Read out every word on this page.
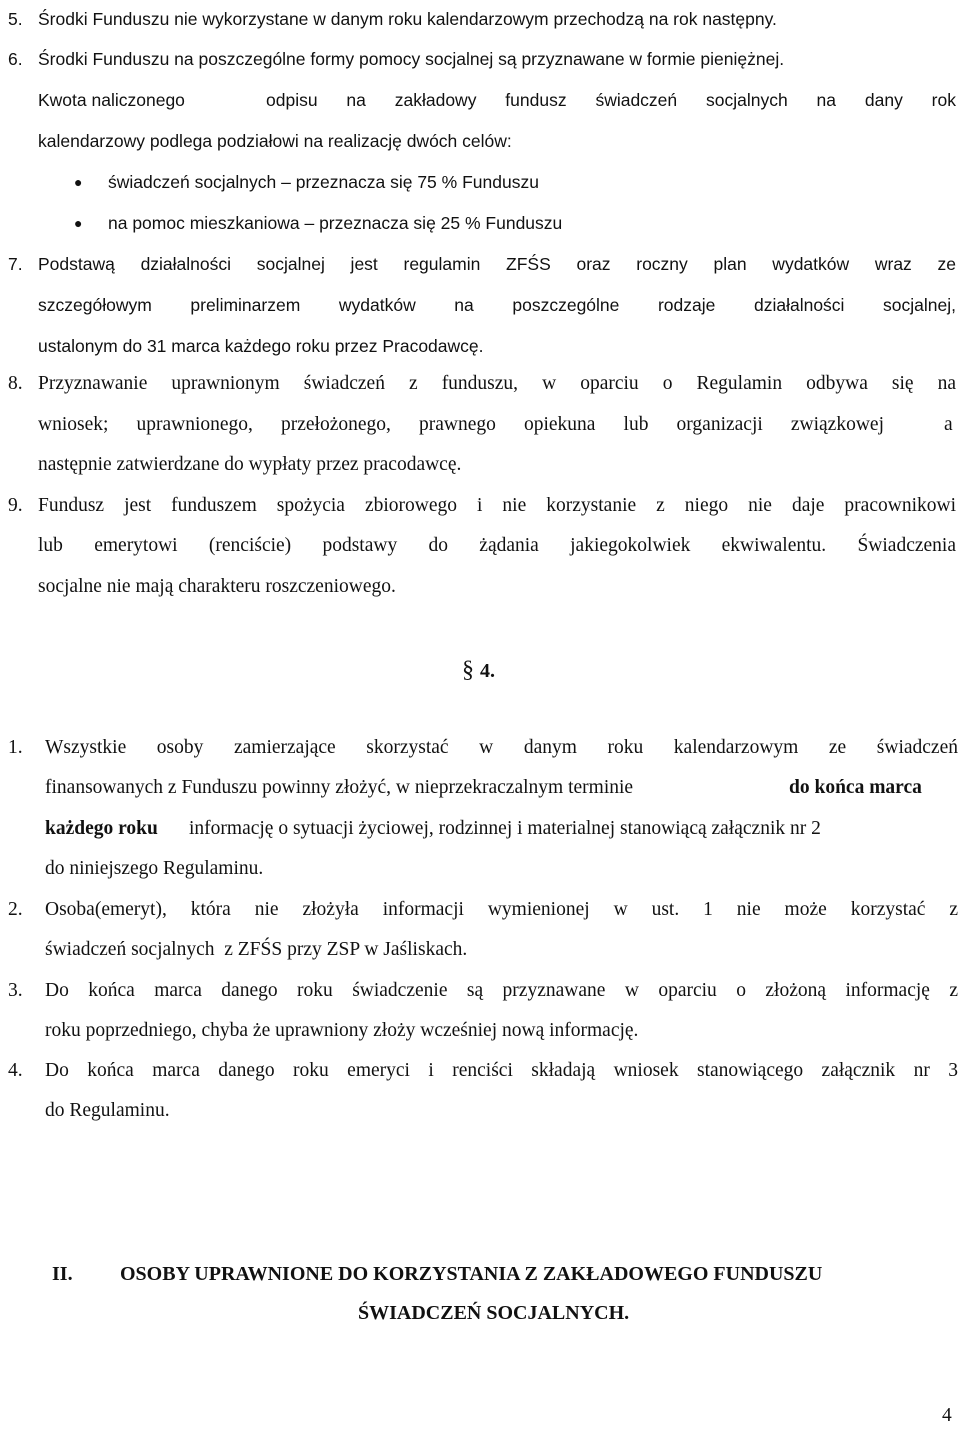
5. Środki Funduszu nie wykorzystane w danym roku kalendarzowym przechodzą na rok następny.
6. Środki Funduszu na poszczególne formy pomocy socjalnej są przyznawane w formie pieniężnej.
Kwota naliczonego	odpisu na zakładowy fundusz świadczeń socjalnych na dany rok
kalendarzowy podlega podziałowi na realizację dwóch celów:
● świadczeń socjalnych – przeznacza się 75 % Funduszu
● na pomoc mieszkaniowa – przeznacza się 25 % Funduszu
7. Podstawą działalności socjalnej jest regulamin ZFŚS oraz roczny plan wydatków wraz ze
szczegółowym preliminarzem wydatków na poszczególne rodzaje działalności socjalnej,
ustalonym do 31 marca każdego roku przez Pracodawcę.
8. Przyznawanie uprawnionym świadczeń z funduszu, w oparciu o Regulamin odbywa się na
wniosek; uprawnionego, przełożonego, prawnego opiekuna lub organizacji związkowej	a
następnie zatwierdzane do wypłaty przez pracodawcę.
9. Fundusz jest funduszem spożycia zbiorowego i nie korzystanie z niego nie daje pracownikowi
lub emerytowi (renciście) podstawy do żądania jakiegokolwiek ekwiwalentu. Świadczenia
socjalne nie mają charakteru roszczeniowego.
§ 4.
1. Wszystkie osoby zamierzające skorzystać w danym roku kalendarzowym ze świadczeń
finansowanych z Funduszu powinny złożyć, w nieprzekraczalnym terminie	do końca marca
każdego roku informację o sytuacji życiowej, rodzinnej i materialnej stanowiącą załącznik nr 2
do niniejszego Regulaminu.
2. Osoba(emeryt), która nie złożyła informacji wymienionej w ust. 1 nie może korzystać z
świadczeń socjalnych  z ZFŚS przy ZSP w Jaśliskach.
3. Do końca marca danego roku świadczenie są przyznawane w oparciu o złożoną informację z
roku poprzedniego, chyba że uprawniony złoży wcześniej nową informację.
4. Do końca marca danego roku emeryci i renciści składają wniosek stanowiącego załącznik nr 3
do Regulaminu.
II. OSOBY UPRAWNIONE DO KORZYSTANIA Z ZAKŁADOWEGO FUNDUSZU
ŚWIADCZEŃ SOCJALNYCH.
4
